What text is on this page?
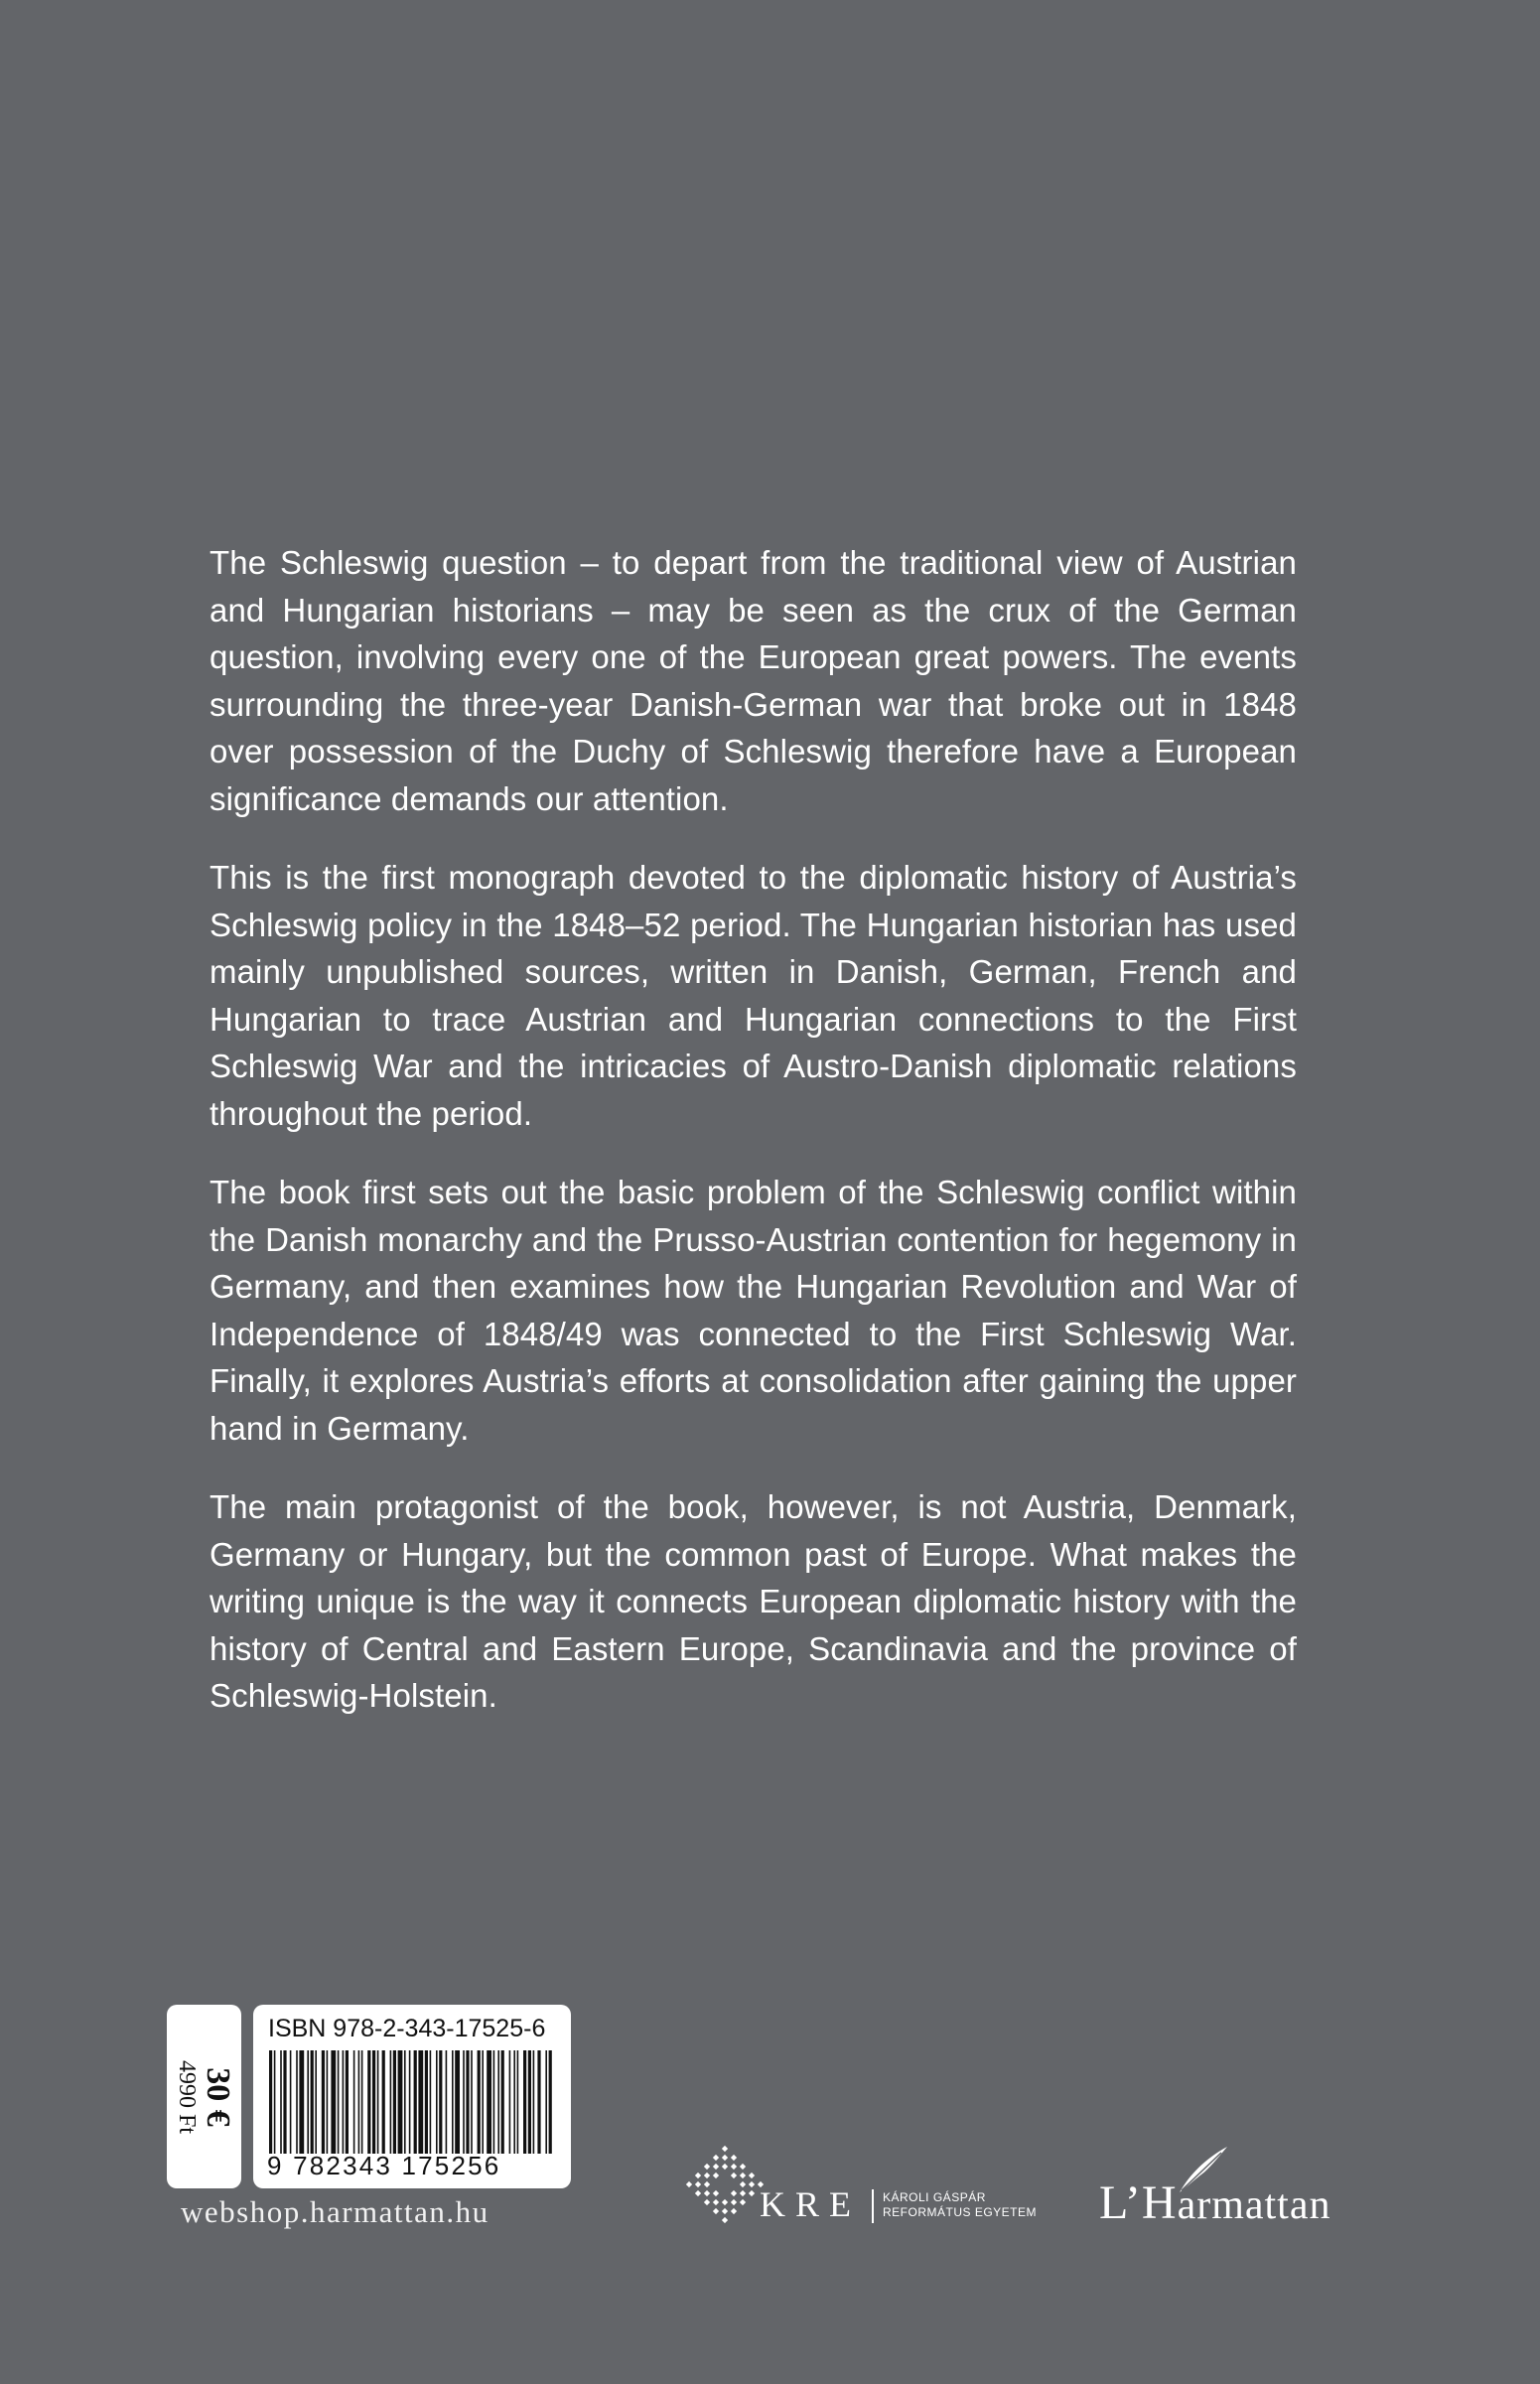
The Schleswig question – to depart from the traditional view of Austrian and Hungarian historians – may be seen as the crux of the German question, involving every one of the European great powers. The events surrounding the three-year Danish-German war that broke out in 1848 over possession of the Duchy of Schleswig therefore have a European significance demands our attention.

This is the first monograph devoted to the diplomatic history of Austria’s Schleswig policy in the 1848–52 period. The Hungarian historian has used mainly unpublished sources, written in Danish, German, French and Hungarian to trace Austrian and Hungarian connections to the First Schleswig War and the intricacies of Austro-Danish diplomatic relations throughout the period.

The book first sets out the basic problem of the Schleswig conflict within the Danish monarchy and the Prusso-Austrian contention for hegemony in Germany, and then examines how the Hungarian Revolution and War of Independence of 1848/49 was connected to the First Schleswig War. Finally, it explores Austria’s efforts at consolidation after gaining the upper hand in Germany.

The main protagonist of the book, however, is not Austria, Denmark, Germany or Hungary, but the common past of Europe. What makes the writing unique is the way it connects European diplomatic history with the history of Central and Eastern Europe, Scandinavia and the province of Schleswig-Holstein.

30 €
4990 Ft
ISBN 978-2-343-17525-6
9 782343 175256
webshop.harmattan.hu	KRE KÁROLI GÁSPÁR
REFORMÁTUS EGYETEM L’Harmattan
